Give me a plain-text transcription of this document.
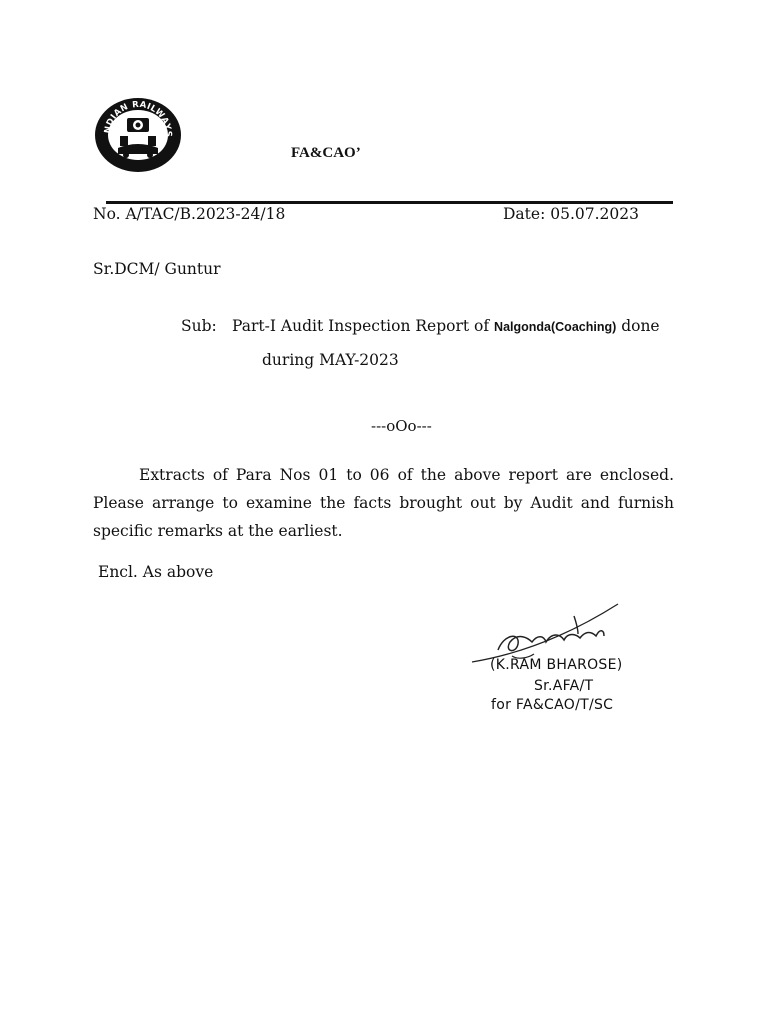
NDIAN RAILWAYS
FA&CAO’
No. A/TAC/B.2023-24/18	Date: 05.07.2023
Sr.DCM/ Guntur
Sub: Part-I Audit Inspection Report of Nalgonda(Coaching) done
during MAY-2023
---oOo---
Extracts of Para Nos 01 to 06 of the above report are enclosed. Please arrange to examine the facts brought out by Audit and furnish specific remarks at the earliest.
Encl. As above
(K.RAM BHAROSE)
Sr.AFA/T
for FA&CAO/T/SC
